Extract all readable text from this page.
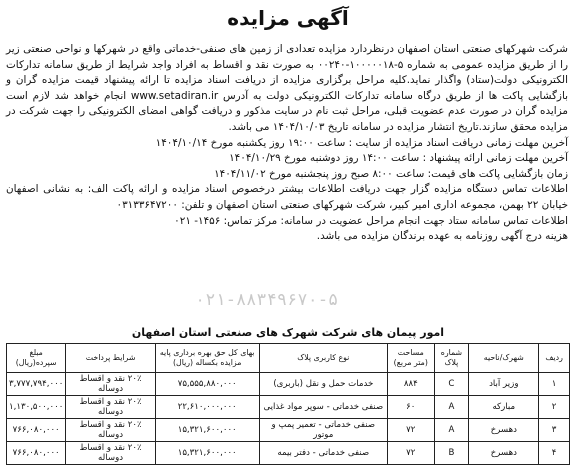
آگهی مزایده

شرکت شهرکهای صنعتی استان اصفهان درنظردارد مزایده تعدادی از زمین های صنفی-خدماتی واقع در شهرکها و نواحی صنعتی زیر را از طریق مزایده عمومی به شماره ۵-۱۰۰۰۰۰۱۸-۰۰۲۴۰ به صورت نقد و اقساط به افراد واجد شرایط از طریق سامانه تدارکات الکترونیکی دولت(ستاد) واگذار نماید.کلیه مراحل برگزاری مزایده از دریافت اسناد مزایده تا ارائه پیشنهاد قیمت مزایده گران و بازگشایی پاکت ها از طریق درگاه سامانه تدارکات الکترونیکی دولت به آدرس www.setadiran.ir انجام خواهد شد لازم است مزایده گران در صورت عدم عضویت قبلی، مراحل ثبت نام در سایت مذکور و دریافت گواهی امضای الکترونیکی را جهت شرکت در مزایده محقق سازند.تاریخ انتشار مزایده در سامانه تاریخ ۱۴۰۴/۱۰/۰۳ می باشد.

آخرین مهلت زمانی دریافت اسناد مزایده از سایت : ساعت ۱۹:۰۰ روز یکشنبه مورخ ۱۴۰۴/۱۰/۱۴

آخرین مهلت زمانی ارائه پیشنهاد : ساعت ۱۴:۰۰ روز دوشنبه مورخ ۱۴۰۴/۱۰/۲۹

زمان بازگشایی پاکت های قیمت: ساعت ۸:۰۰ صبح روز پنجشنبه مورخ ۱۴۰۴/۱۱/۰۲

اطلاعات تماس دستگاه مزایده گزار جهت دریافت اطلاعات بیشتر درخصوص اسناد مزایده و ارائه پاکت الف: به نشانی اصفهان خیابان ۲۲ بهمن، مجموعه اداری امیر کبیر، شرکت شهرکهای صنعتی استان اصفهان و تلفن: ۰۳۱۳۳۶۴۷۲۰۰

اطلاعات تماس سامانه ستاد جهت انجام مراحل عضویت در سامانه: مرکز تماس: ۱۴۵۶- ۰۲۱

هزینه درج آگهی روزنامه به عهده برندگان مزایده می باشد.

۰۲۱-۸۸۳۴۹۶۷۰-۵
امور پیمان های شرکت شهرک های صنعتی استان اصفهان
ردیف	شهرک/ناحیه	شماره پلاک	مساحت (متر مربع)	نوع کاربری پلاک	بهای کل حق بهره برداری پایه مزایده بکساله (ریال)	شرایط پرداخت	مبلغ سپرده(ریال)
۱	وزیر آباد	C	۸۸۴	خدمات حمل و نقل (باربری)	۷۵,۵۵۵,۸۸۰,۰۰۰	۲۰٪ نقد و اقساط دوساله	۳,۷۷۷,۷۹۴,۰۰۰
۲	مبارکه	A	۶۰	صنفی خدماتی - سوپر مواد غذایی	۲۲,۶۱۰,۰۰۰,۰۰۰	۲۰٪ نقد و اقساط دوساله	۱,۱۳۰,۵۰۰,۰۰۰
۳	دهسرخ	A	۷۲	صنفی خدماتی - تعمیر پمپ و موتور	۱۵,۳۲۱,۶۰۰,۰۰۰	۲۰٪ نقد و اقساط دوساله	۷۶۶,۰۸۰,۰۰۰
۴	دهسرخ	B	۷۲	صنفی خدماتی - دفتر بیمه	۱۵,۳۲۱,۶۰۰,۰۰۰	۲۰٪ نقد و اقساط دوساله	۷۶۶,۰۸۰,۰۰۰
